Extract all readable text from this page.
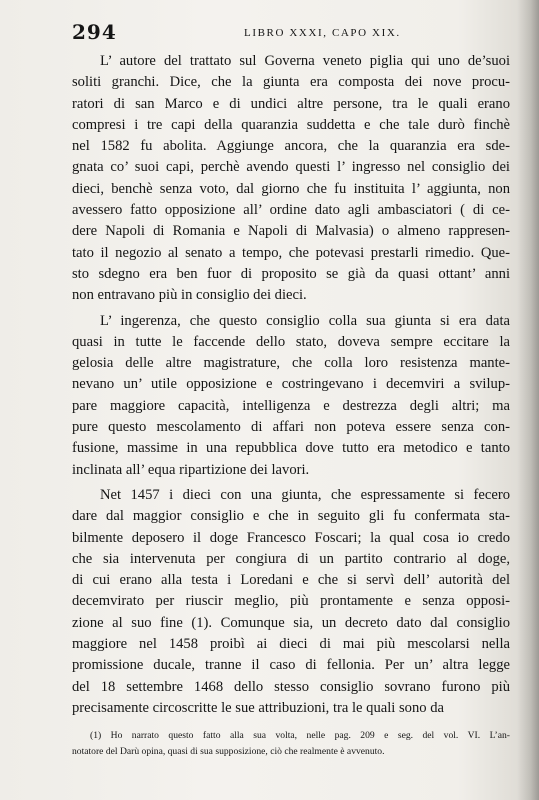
294	LIBRO XXXI, CAPO XIX.
L’ autore del trattato sul Governa veneto piglia qui uno de’suoi
soliti granchi. Dice, che la giunta era composta dei nove procu-
ratori di san Marco e di undici altre persone, tra le quali erano
compresi i tre capi della quaranzia suddetta e che tale durò finchè
nel 1582 fu abolita. Aggiunge ancora, che la quaranzia era sde-
gnata co’ suoi capi, perchè avendo questi l’ ingresso nel consiglio dei
dieci, benchè senza voto, dal giorno che fu instituita l’ aggiunta, non
avessero fatto opposizione all’ ordine dato agli ambasciatori ( di ce-
dere Napoli di Romania e Napoli di Malvasia) o almeno rappresen-
tato il negozio al senato a tempo, che potevasi prestarli rimedio. Que-
sto sdegno era ben fuor di proposito se già da quasi ottant’ anni
non entravano più in consiglio dei dieci.
L’ ingerenza, che questo consiglio colla sua giunta si era data
quasi in tutte le faccende dello stato, doveva sempre eccitare la
gelosia delle altre magistrature, che colla loro resistenza mante-
nevano un’ utile opposizione e costringevano i decemviri a svilup-
pare maggiore capacità, intelligenza e destrezza degli altri; ma
pure questo mescolamento di affari non poteva essere senza con-
fusione, massime in una repubblica dove tutto era metodico e tanto
inclinata all’ equa ripartizione dei lavori.
Net 1457 i dieci con una giunta, che espressamente si fecero
dare dal maggior consiglio e che in seguito gli fu confermata sta-
bilmente deposero il doge Francesco Foscari; la qual cosa io credo
che sia intervenuta per congiura di un partito contrario al doge,
di cui erano alla testa i Loredani e che si servì dell’ autorità del
decemvirato per riuscir meglio, più prontamente e senza opposi-
zione al suo fine (1). Comunque sia, un decreto dato dal consiglio
maggiore nel 1458 proibì ai dieci di mai più mescolarsi nella
promissione ducale, tranne il caso di fellonia. Per un’ altra legge
del 18 settembre 1468 dello stesso consiglio sovrano furono più
precisamente circoscritte le sue attribuzioni, tra le quali sono da
(1) Ho narrato questo fatto alla sua volta, nelle pag. 209 e seg. del vol. VI. L’an-
notatore del Darù opina, quasi di sua supposizione, ciò che realmente è avvenuto.
